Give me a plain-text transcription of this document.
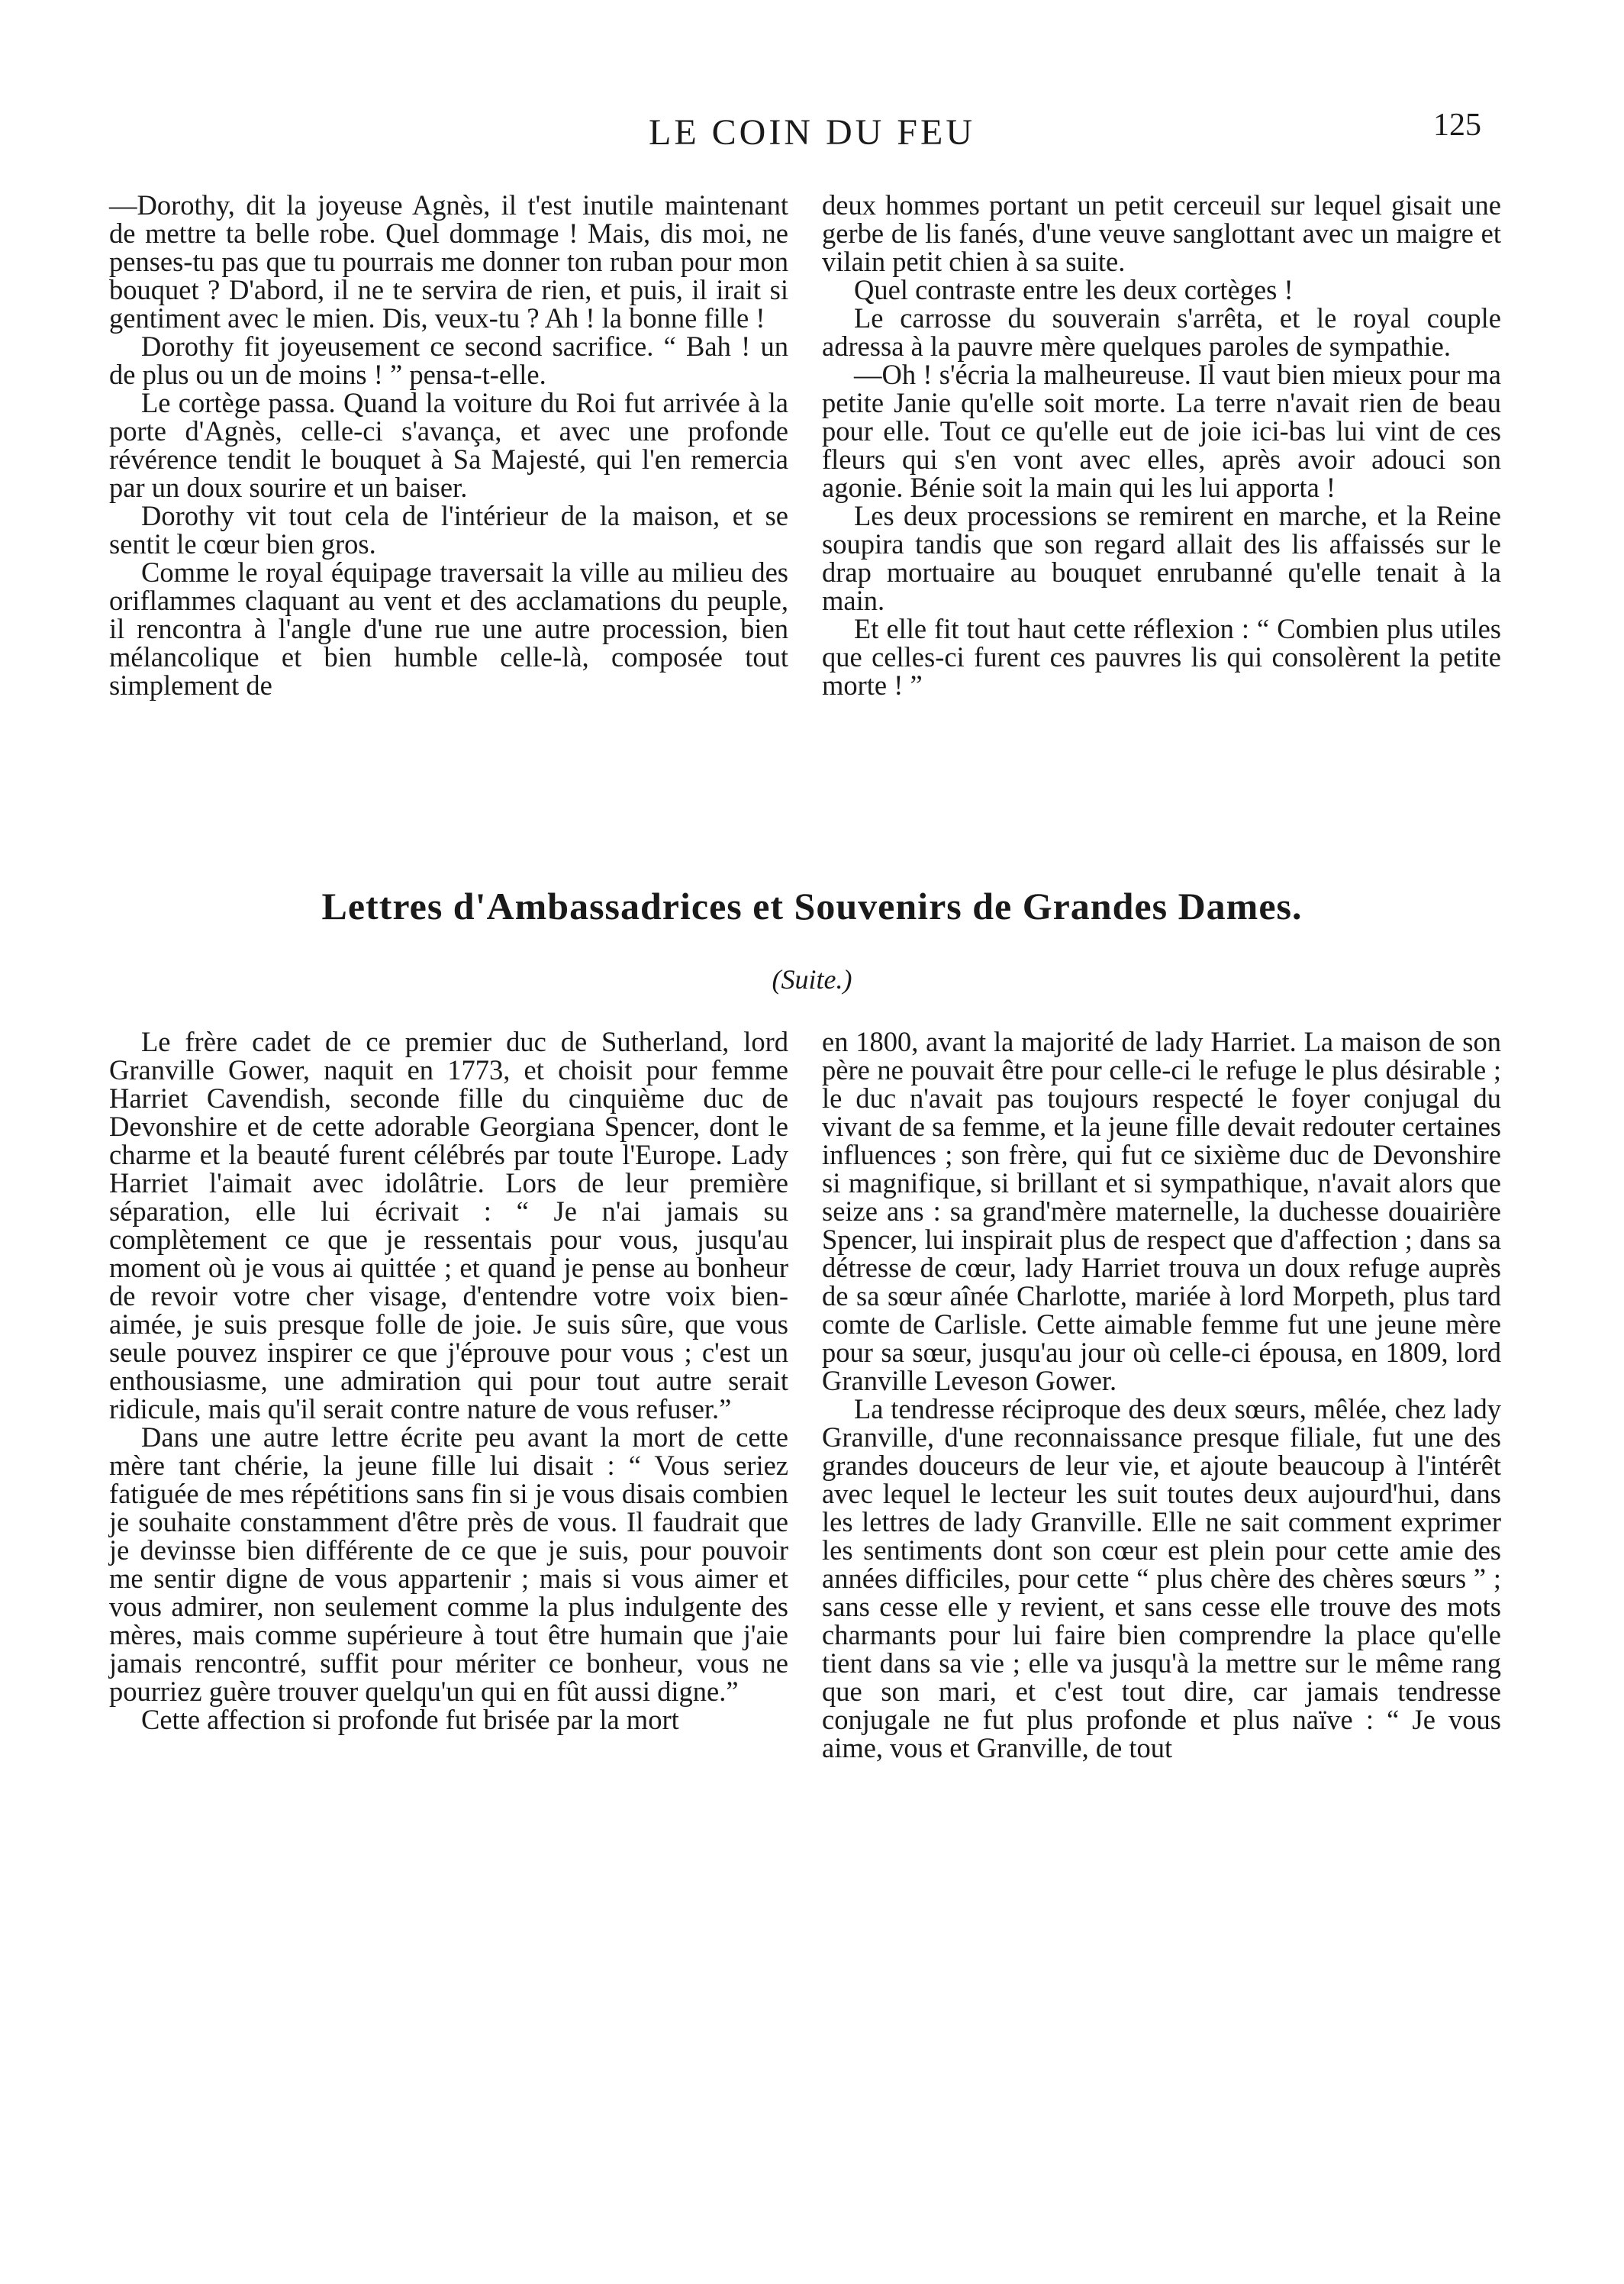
LE COIN DU FEU	125

—Dorothy, dit la joyeuse Agnès, il t'est inutile maintenant de mettre ta belle robe. Quel dommage ! Mais, dis moi, ne penses-tu pas que tu pourrais me donner ton ruban pour mon bouquet ? D'abord, il ne te servira de rien, et puis, il irait si gentiment avec le mien. Dis, veux-tu ? Ah ! la bonne fille !

Dorothy fit joyeusement ce second sacrifice. “ Bah ! un de plus ou un de moins ! ” pensa-t-elle.

Le cortège passa. Quand la voiture du Roi fut arrivée à la porte d'Agnès, celle-ci s'avança, et avec une profonde révérence tendit le bouquet à Sa Majesté, qui l'en remercia par un doux sourire et un baiser.

Dorothy vit tout cela de l'intérieur de la maison, et se sentit le cœur bien gros.

Comme le royal équipage traversait la ville au milieu des oriflammes claquant au vent et des acclamations du peuple, il rencontra à l'angle d'une rue une autre procession, bien mélancolique et bien humble celle-là, composée tout simplement de

deux hommes portant un petit cerceuil sur lequel gisait une gerbe de lis fanés, d'une veuve sanglottant avec un maigre et vilain petit chien à sa suite.

Quel contraste entre les deux cortèges !

Le carrosse du souverain s'arrêta, et le royal couple adressa à la pauvre mère quelques paroles de sympathie.

—Oh ! s'écria la malheureuse. Il vaut bien mieux pour ma petite Janie qu'elle soit morte. La terre n'avait rien de beau pour elle. Tout ce qu'elle eut de joie ici-bas lui vint de ces fleurs qui s'en vont avec elles, après avoir adouci son agonie. Bénie soit la main qui les lui apporta !

Les deux processions se remirent en marche, et la Reine soupira tandis que son regard allait des lis affaissés sur le drap mortuaire au bouquet enrubanné qu'elle tenait à la main.

Et elle fit tout haut cette réflexion : “ Combien plus utiles que celles-ci furent ces pauvres lis qui consolèrent la petite morte ! ”

Lettres d'Ambassadrices et Souvenirs de Grandes Dames.
(Suite.)

Le frère cadet de ce premier duc de Sutherland, lord Granville Gower, naquit en 1773, et choisit pour femme Harriet Cavendish, seconde fille du cinquième duc de Devonshire et de cette adorable Georgiana Spencer, dont le charme et la beauté furent célébrés par toute l'Europe. Lady Harriet l'aimait avec idolâtrie. Lors de leur première séparation, elle lui écrivait : “ Je n'ai jamais su complètement ce que je ressentais pour vous, jusqu'au moment où je vous ai quittée ; et quand je pense au bonheur de revoir votre cher visage, d'entendre votre voix bien-aimée, je suis presque folle de joie. Je suis sûre, que vous seule pouvez inspirer ce que j'éprouve pour vous ; c'est un enthousiasme, une admiration qui pour tout autre serait ridicule, mais qu'il serait contre nature de vous refuser.”

Dans une autre lettre écrite peu avant la mort de cette mère tant chérie, la jeune fille lui disait : “ Vous seriez fatiguée de mes répétitions sans fin si je vous disais combien je souhaite constamment d'être près de vous. Il faudrait que je devinsse bien différente de ce que je suis, pour pouvoir me sentir digne de vous appartenir ; mais si vous aimer et vous admirer, non seulement comme la plus indulgente des mères, mais comme supérieure à tout être humain que j'aie jamais rencontré, suffit pour mériter ce bonheur, vous ne pourriez guère trouver quelqu'un qui en fût aussi digne.”

Cette affection si profonde fut brisée par la mort

en 1800, avant la majorité de lady Harriet. La maison de son père ne pouvait être pour celle-ci le refuge le plus désirable ; le duc n'avait pas toujours respecté le foyer conjugal du vivant de sa femme, et la jeune fille devait redouter certaines influences ; son frère, qui fut ce sixième duc de Devonshire si magnifique, si brillant et si sympathique, n'avait alors que seize ans : sa grand'mère maternelle, la duchesse douairière Spencer, lui inspirait plus de respect que d'affection ; dans sa détresse de cœur, lady Harriet trouva un doux refuge auprès de sa sœur aînée Charlotte, mariée à lord Morpeth, plus tard comte de Carlisle. Cette aimable femme fut une jeune mère pour sa sœur, jusqu'au jour où celle-ci épousa, en 1809, lord Granville Leveson Gower.

La tendresse réciproque des deux sœurs, mêlée, chez lady Granville, d'une reconnaissance presque filiale, fut une des grandes douceurs de leur vie, et ajoute beaucoup à l'intérêt avec lequel le lecteur les suit toutes deux aujourd'hui, dans les lettres de lady Granville. Elle ne sait comment exprimer les sentiments dont son cœur est plein pour cette amie des années difficiles, pour cette “ plus chère des chères sœurs ” ; sans cesse elle y revient, et sans cesse elle trouve des mots charmants pour lui faire bien comprendre la place qu'elle tient dans sa vie ; elle va jusqu'à la mettre sur le même rang que son mari, et c'est tout dire, car jamais tendresse conjugale ne fut plus profonde et plus naïve : “ Je vous aime, vous et Granville, de tout
